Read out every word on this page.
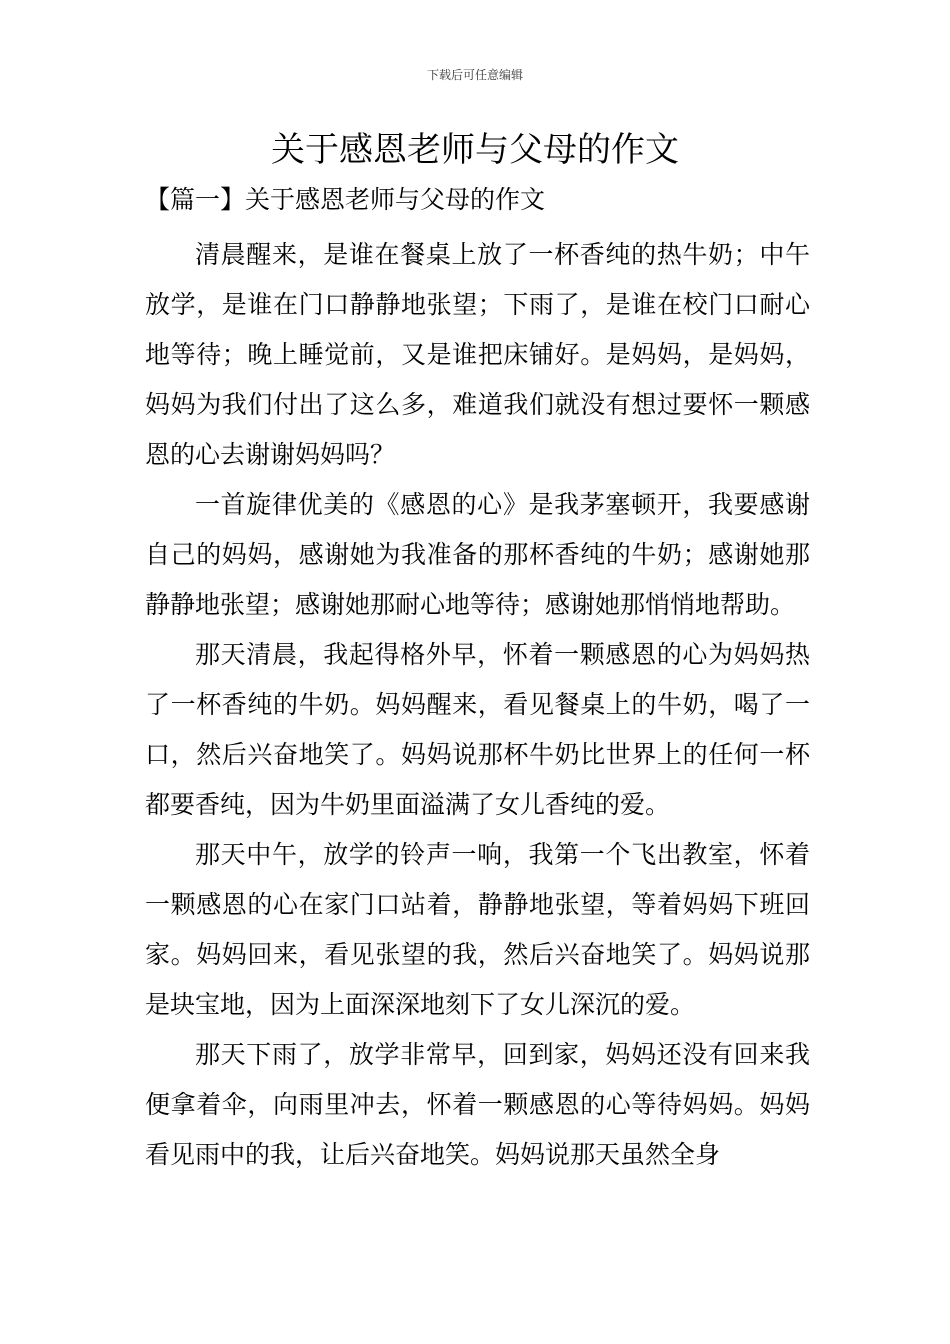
下载后可任意编辑
关于感恩老师与父母的作文
【篇一】关于感恩老师与父母的作文

清晨醒来，是谁在餐桌上放了一杯香纯的热牛奶；中午放学，是谁在门口静静地张望；下雨了，是谁在校门口耐心地等待；晚上睡觉前，又是谁把床铺好。是妈妈，是妈妈，妈妈为我们付出了这么多，难道我们就没有想过要怀一颗感恩的心去谢谢妈妈吗？

一首旋律优美的《感恩的心》是我茅塞顿开，我要感谢自己的妈妈，感谢她为我准备的那杯香纯的牛奶；感谢她那静静地张望；感谢她那耐心地等待；感谢她那悄悄地帮助。

那天清晨，我起得格外早，怀着一颗感恩的心为妈妈热了一杯香纯的牛奶。妈妈醒来，看见餐桌上的牛奶，喝了一口，然后兴奋地笑了。妈妈说那杯牛奶比世界上的任何一杯都要香纯，因为牛奶里面溢满了女儿香纯的爱。

那天中午，放学的铃声一响，我第一个飞出教室，怀着一颗感恩的心在家门口站着，静静地张望，等着妈妈下班回家。妈妈回来，看见张望的我，然后兴奋地笑了。妈妈说那是块宝地，因为上面深深地刻下了女儿深沉的爱。

那天下雨了，放学非常早，回到家，妈妈还没有回来我便拿着伞，向雨里冲去，怀着一颗感恩的心等待妈妈。妈妈看见雨中的我，让后兴奋地笑。妈妈说那天虽然全身
